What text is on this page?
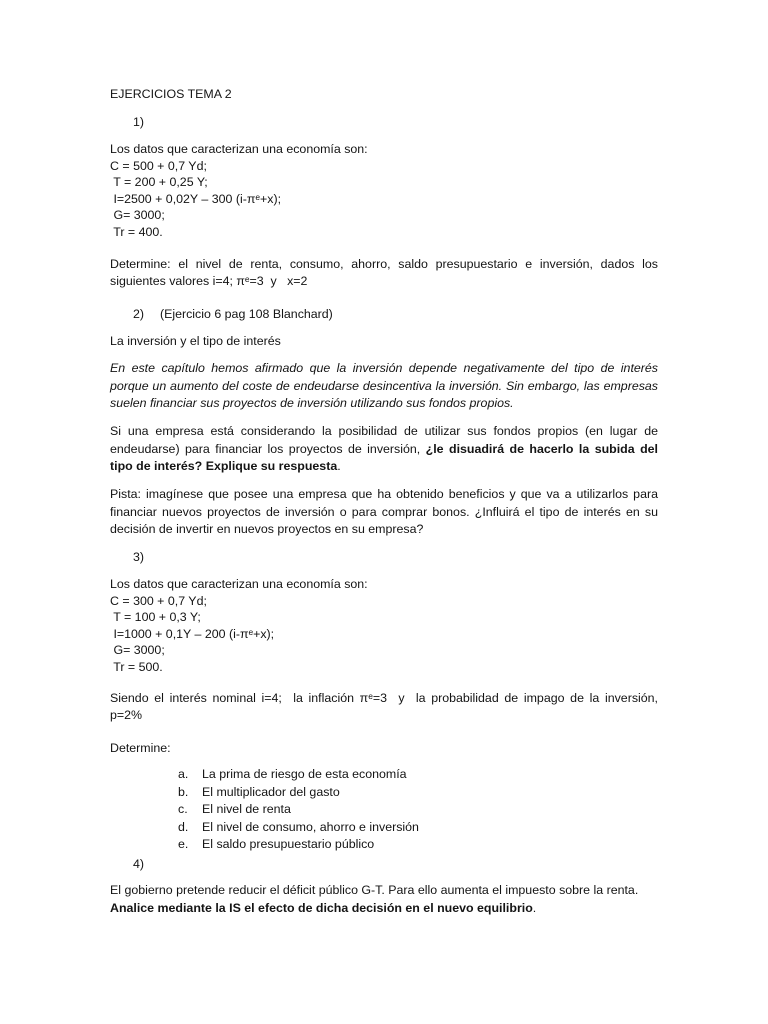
EJERCICIOS TEMA 2

1)

Los datos que caracterizan una economía son:
C = 500 + 0,7 Yd;
T = 200 + 0,25 Y;
I=2500 + 0,02Y – 300 (i-πᵉ+x);
G= 3000;
Tr = 400.
Determine: el nivel de renta, consumo, ahorro, saldo presupuestario e inversión, dados los
siguientes valores i=4; πᵉ=3  y   x=2
2) (Ejercicio 6 pag 108 Blanchard)

La inversión y el tipo de interés

En este capítulo hemos afirmado que la inversión depende negativamente del tipo de interés porque un aumento del coste de endeudarse desincentiva la inversión. Sin embargo, las empresas suelen financiar sus proyectos de inversión utilizando sus fondos propios.

Si una empresa está considerando la posibilidad de utilizar sus fondos propios (en lugar de endeudarse) para financiar los proyectos de inversión, ¿le disuadirá de hacerlo la subida del tipo de interés? Explique su respuesta.

Pista: imagínese que posee una empresa que ha obtenido beneficios y que va a utilizarlos para financiar nuevos proyectos de inversión o para comprar bonos. ¿Influirá el tipo de interés en su decisión de invertir en nuevos proyectos en su empresa?

3)

Los datos que caracterizan una economía son:
C = 300 + 0,7 Yd;
T = 100 + 0,3 Y;
I=1000 + 0,1Y – 200 (i-πᵉ+x);
G= 3000;
Tr = 500.
Siendo el interés nominal i=4;  la inflación πᵉ=3  y  la probabilidad de impago de la inversión,
p=2%

Determine:

a.	La prima de riesgo de esta economía
b.	El multiplicador del gasto
c.	El nivel de renta
d.	El nivel de consumo, ahorro e inversión
e.	El saldo presupuestario público

4)

El gobierno pretende reducir el déficit público G-T. Para ello aumenta el impuesto sobre la renta.
Analice mediante la IS el efecto de dicha decisión en el nuevo equilibrio.
